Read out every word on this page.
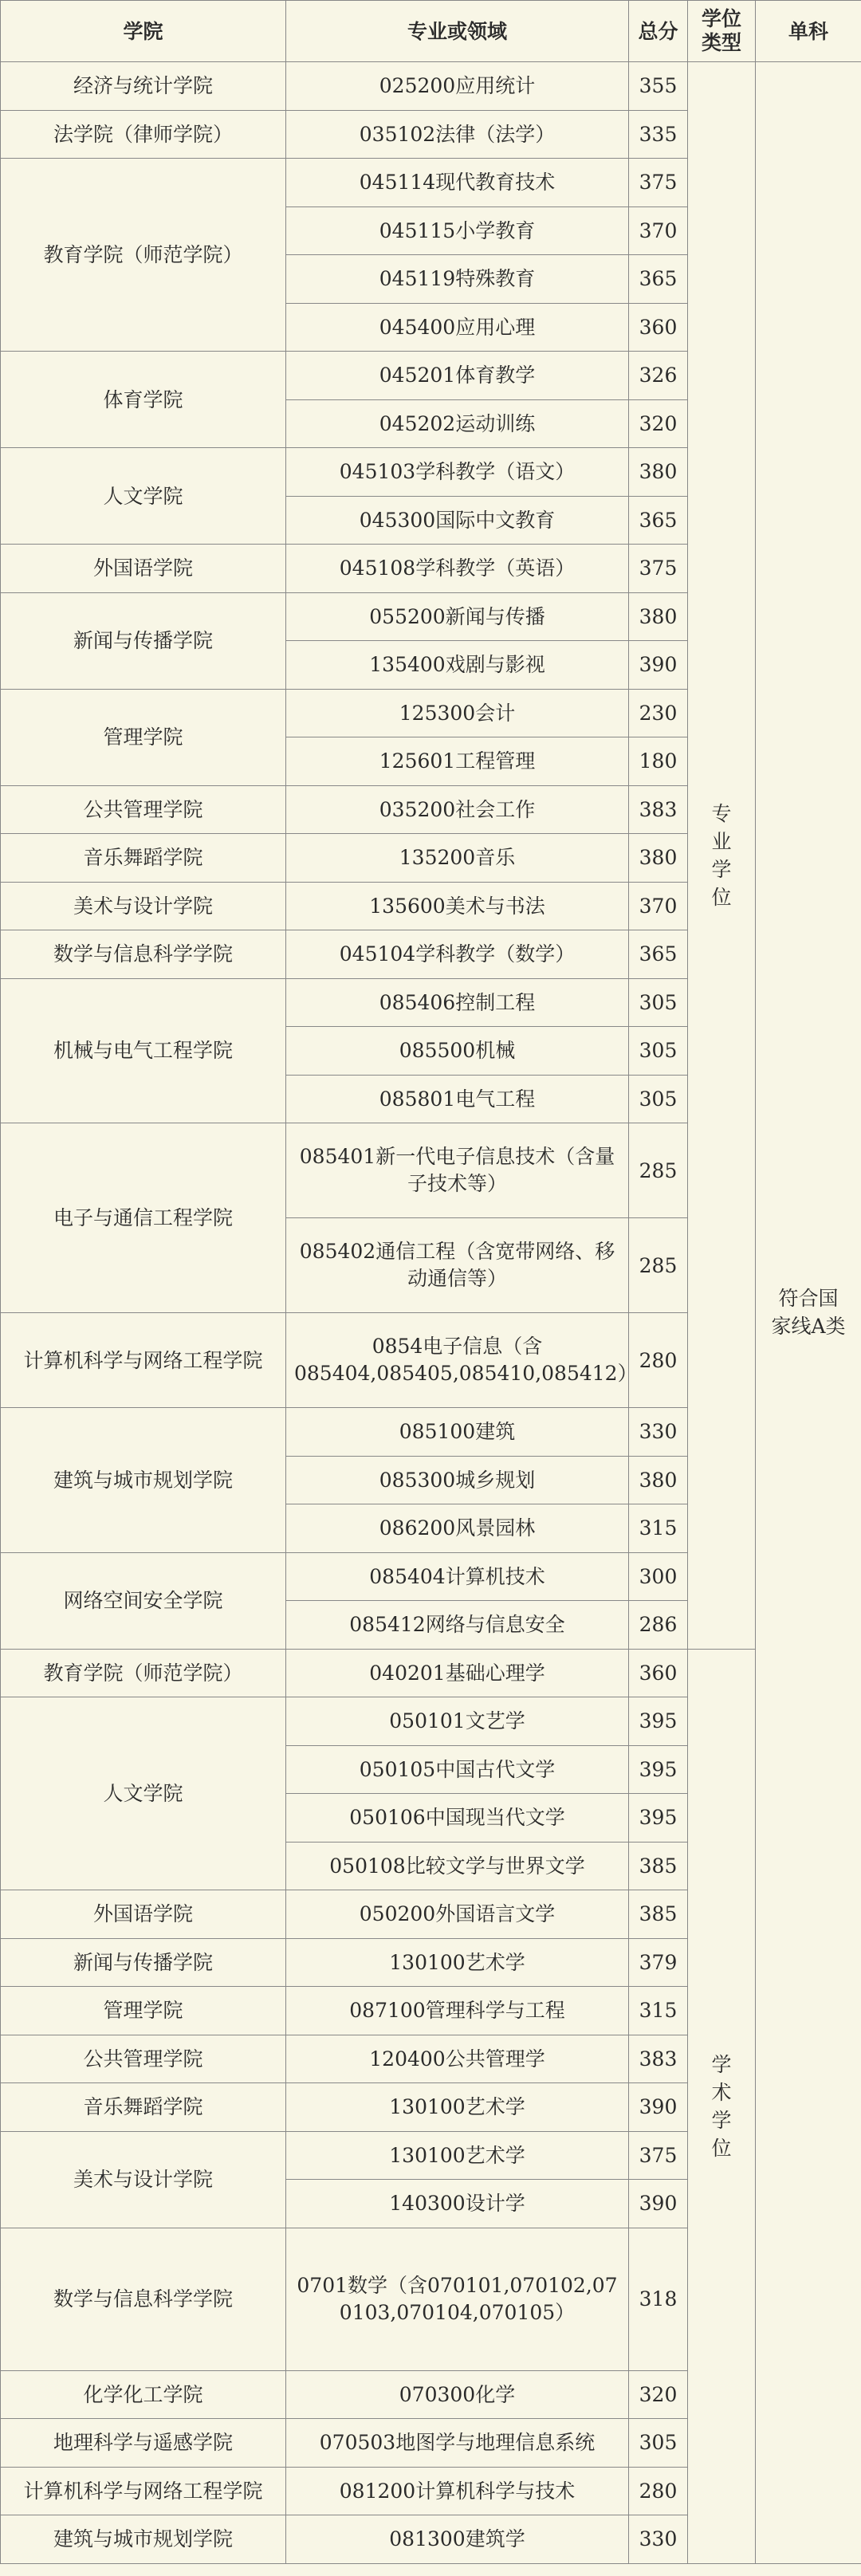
学院	专业或领域	总分	学位类型	单科
经济与统计学院	025200应用统计	355	专业学位	符合国家线A类
法学院（律师学院）	035102法律（法学）	335		
教育学院（师范学院）	045114现代教育技术	375		
	045115小学教育	370		
	045119特殊教育	365		
	045400应用心理	360		
体育学院	045201体育教学	326		
	045202运动训练	320		
人文学院	045103学科教学（语文）	380		
	045300国际中文教育	365		
外国语学院	045108学科教学（英语）	375		
新闻与传播学院	055200新闻与传播	380		
	135400戏剧与影视	390		
管理学院	125300会计	230		
	125601工程管理	180		
公共管理学院	035200社会工作	383		
音乐舞蹈学院	135200音乐	380		
美术与设计学院	135600美术与书法	370		
数学与信息科学学院	045104学科教学（数学）	365		
机械与电气工程学院	085406控制工程	305		
	085500机械	305		
	085801电气工程	305		
电子与通信工程学院	085401新一代电子信息技术（含量子技术等）	285		
	085402通信工程（含宽带网络、移动通信等）	285		
计算机科学与网络工程学院	0854电子信息（含085404,085405,085410,085412）	280		
建筑与城市规划学院	085100建筑	330		
	085300城乡规划	380		
	086200风景园林	315		
网络空间安全学院	085404计算机技术	300		
	085412网络与信息安全	286		
教育学院（师范学院）	040201基础心理学	360	学术学位	
人文学院	050101文艺学	395		
	050105中国古代文学	395		
	050106中国现当代文学	395		
	050108比较文学与世界文学	385		
外国语学院	050200外国语言文学	385		
新闻与传播学院	130100艺术学	379		
管理学院	087100管理科学与工程	315		
公共管理学院	120400公共管理学	383		
音乐舞蹈学院	130100艺术学	390		
美术与设计学院	130100艺术学	375		
	140300设计学	390		
数学与信息科学学院	0701数学（含070101,070102,070103,070104,070105）	318		
化学化工学院	070300化学	320		
地理科学与遥感学院	070503地图学与地理信息系统	305		
计算机科学与网络工程学院	081200计算机科学与技术	280		
建筑与城市规划学院	081300建筑学	330		
